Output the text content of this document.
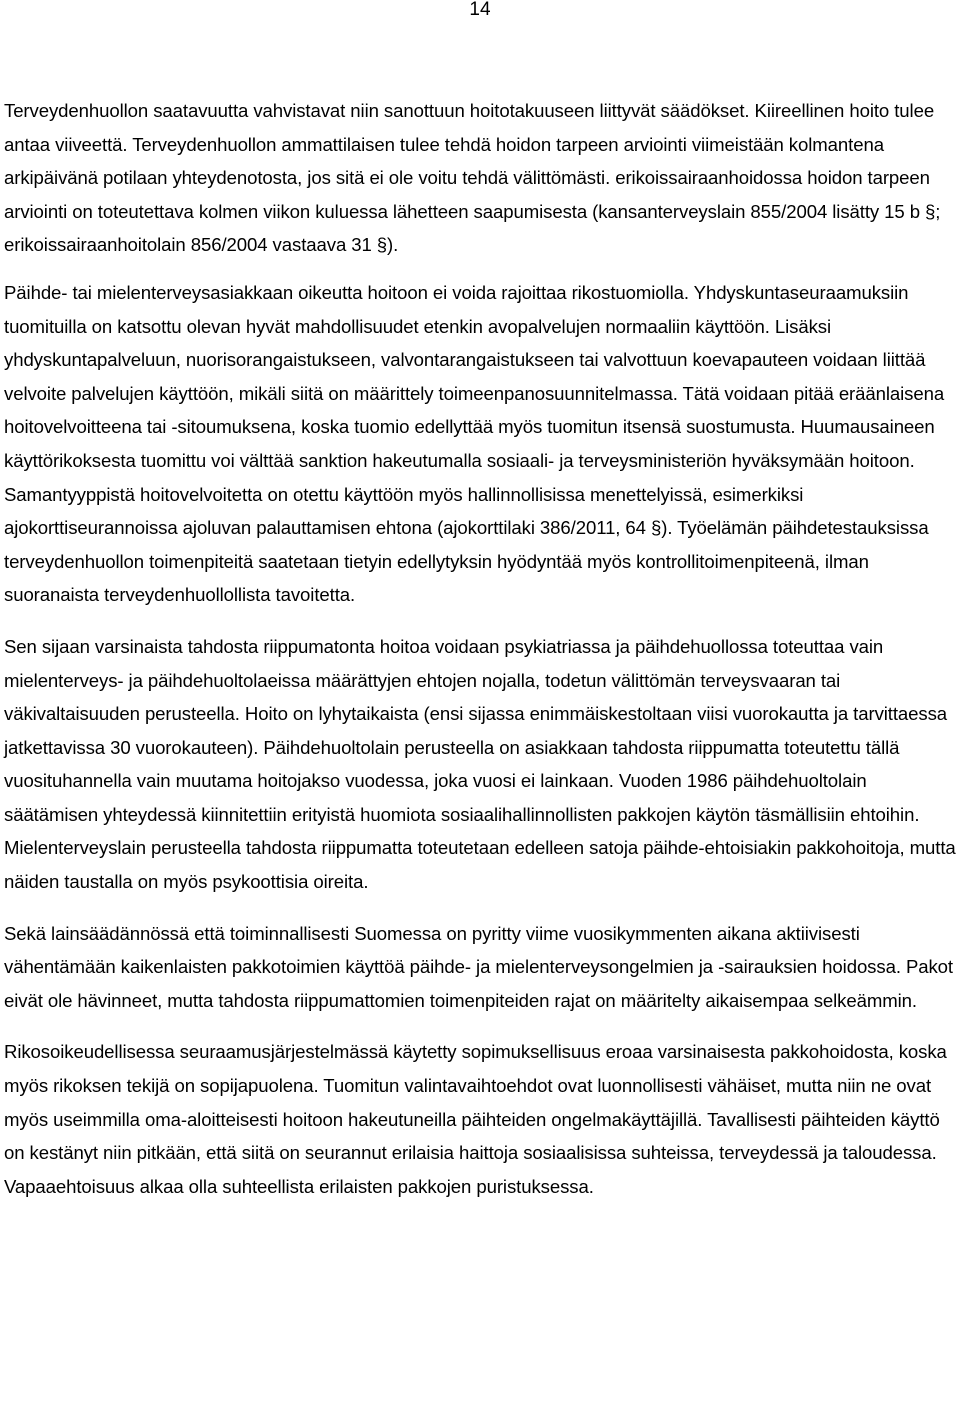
14

Terveydenhuollon saatavuutta vahvistavat niin sanottuun hoitotakuuseen liittyvät säädökset. Kiireellinen hoito tulee antaa viiveettä. Terveydenhuollon ammattilaisen tulee tehdä hoidon tarpeen arviointi viimeistään kolmantena arkipäivänä potilaan yhteydenotosta, jos sitä ei ole voitu tehdä välittömästi. erikoissairaanhoidossa hoidon tarpeen arviointi on toteutettava kolmen viikon kuluessa lähetteen saapumisesta (kansanterveyslain 855/2004 lisätty 15 b §; erikoissairaanhoitolain 856/2004 vastaava 31 §).

Päihde- tai mielenterveysasiakkaan oikeutta hoitoon ei voida rajoittaa rikostuomiolla. Yhdyskuntaseuraamuksiin tuomituilla on katsottu olevan hyvät mahdollisuudet etenkin avopalvelujen normaaliin käyttöön. Lisäksi yhdyskuntapalveluun, nuorisorangaistukseen, valvontarangaistukseen tai valvottuun koevapauteen voidaan liittää velvoite palvelujen käyttöön, mikäli siitä on määrittely toimeenpanosuunnitelmassa. Tätä voidaan pitää eräänlaisena hoitovelvoitteena tai -sitoumuksena, koska tuomio edellyttää myös tuomitun itsensä suostumusta. Huumausaineen käyttörikoksesta tuomittu voi välttää sanktion hakeutumalla sosiaali- ja terveysministeriön hyväksymään hoitoon. Samantyyppistä hoitovelvoitetta on otettu käyttöön myös hallinnollisissa menettelyissä, esimerkiksi ajokorttiseurannoissa ajoluvan palauttamisen ehtona (ajokorttilaki 386/2011, 64 §). Työelämän päihdetestauksissa terveydenhuollon toimenpiteitä saatetaan tietyin edellytyksin hyödyntää myös kontrollitoimenpiteenä, ilman suoranaista terveydenhuollollista tavoitetta.

Sen sijaan varsinaista tahdosta riippumatonta hoitoa voidaan psykiatriassa ja päihdehuollossa toteuttaa vain mielenterveys- ja päihdehuoltolaeissa määrättyjen ehtojen nojalla, todetun välittömän terveysvaaran tai väkivaltaisuuden perusteella. Hoito on lyhytaikaista (ensi sijassa enimmäiskestoltaan viisi vuorokautta ja tarvittaessa jatkettavissa 30 vuorokauteen). Päihdehuoltolain perusteella on asiakkaan tahdosta riippumatta toteutettu tällä vuosituhannella vain muutama hoitojakso vuodessa, joka vuosi ei lainkaan. Vuoden 1986 päihdehuoltolain säätämisen yhteydessä kiinnitettiin erityistä huomiota sosiaalihallinnollisten pakkojen käytön täsmällisiin ehtoihin. Mielenterveyslain perusteella tahdosta riippumatta toteutetaan edelleen satoja päihde-ehtoisiakin pakkohoitoja, mutta näiden taustalla on myös psykoottisia oireita.

Sekä lainsäädännössä että toiminnallisesti Suomessa on pyritty viime vuosikymmenten aikana aktiivisesti vähentämään kaikenlaisten pakkotoimien käyttöä päihde- ja mielenterveysongelmien ja -sairauksien hoidossa. Pakot eivät ole hävinneet, mutta tahdosta riippumattomien toimenpiteiden rajat on määritelty aikaisempaa selkeämmin.

Rikosoikeudellisessa seuraamusjärjestelmässä käytetty sopimuksellisuus eroaa varsinaisesta pakkohoidosta, koska myös rikoksen tekijä on sopijapuolena. Tuomitun valintavaihtoehdot ovat luonnollisesti vähäiset, mutta niin ne ovat myös useimmilla oma-aloitteisesti hoitoon hakeutuneilla päihteiden ongelmakäyttäjillä. Tavallisesti päihteiden käyttö on kestänyt niin pitkään, että siitä on seurannut erilaisia haittoja sosiaalisissa suhteissa, terveydessä ja taloudessa. Vapaaehtoisuus alkaa olla suhteellista erilaisten pakkojen puristuksessa.
